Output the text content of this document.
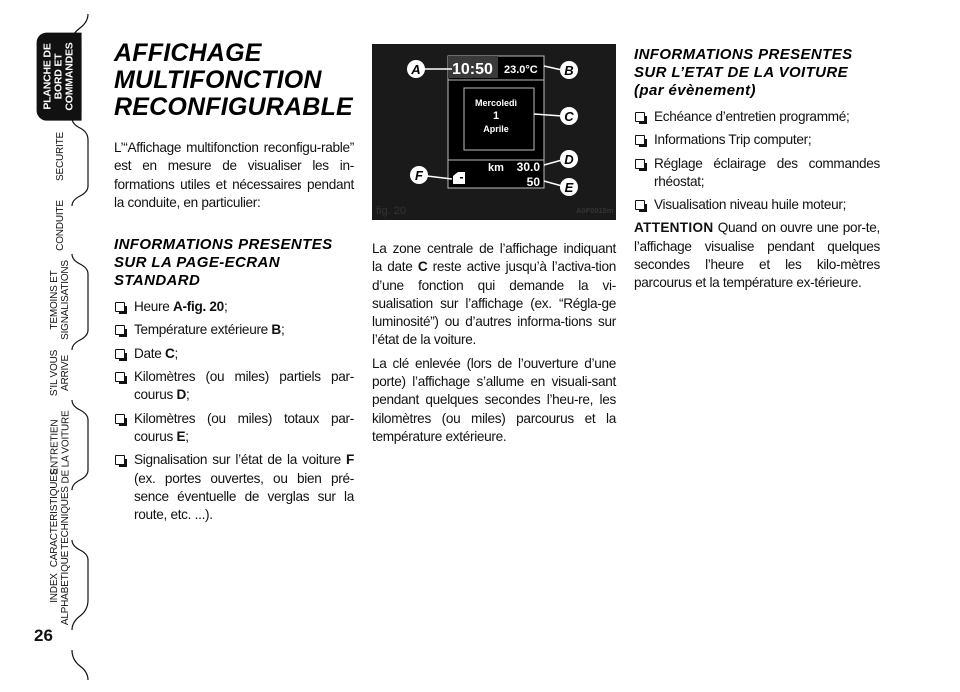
PLANCHE DE
BORD ET
COMMANDES
SECURITE
CONDUITE
TEMOINS ET
SIGNALISATIONS
S’IL VOUS
ARRIVE
ENTRETIEN
DE LA VOITURE
CARACTERISTIQUES
TECHNIQUES
INDEX
ALPHABETIQUE
26
AFFICHAGE
MULTIFONCTION
RECONFIGURABLE

L’“Affichage multifonction reconfigu-rable” est en mesure de visualiser les in-formations utiles et nécessaires pendant la conduite, en particulier:

INFORMATIONS PRESENTES
SUR LA PAGE-ECRAN
STANDARD
Heure A-fig. 20;
Température extérieure B;
Date C;
Kilomètres (ou miles) partiels par-courus D;
Kilomètres (ou miles) totaux par-courus E;
Signalisation sur l’état de la voiture F (ex. portes ouvertes, ou bien pré-sence éventuelle de verglas sur la route, etc. ...).
10:50 23.0°C
Mercoledì
1
Aprile
km 30.0
50
A	B
C
D
E
F
fig. 20	A0F0015m

La zone centrale de l’affichage indiquant la date C reste active jusqu’à l’activa-tion d’une fonction qui demande la vi-sualisation sur l’affichage (ex. “Régla-ge luminosité”) ou d’autres informa-tions sur l’état de la voiture.

La clé enlevée (lors de l’ouverture d’une porte) l’affichage s’allume en visuali-sant pendant quelques secondes l’heu-re, les kilomètres (ou miles) parcourus et la température extérieure.

INFORMATIONS PRESENTES
SUR L’ETAT DE LA VOITURE
(par évènement)
Echéance d’entretien programmé;
Informations Trip computer;
Réglage éclairage des commandes rhéostat;
Visualisation niveau huile moteur;

ATTENTION Quand on ouvre une por-te, l’affichage visualise pendant quelques secondes l’heure et les kilo-mètres parcourus et la température ex-térieure.
